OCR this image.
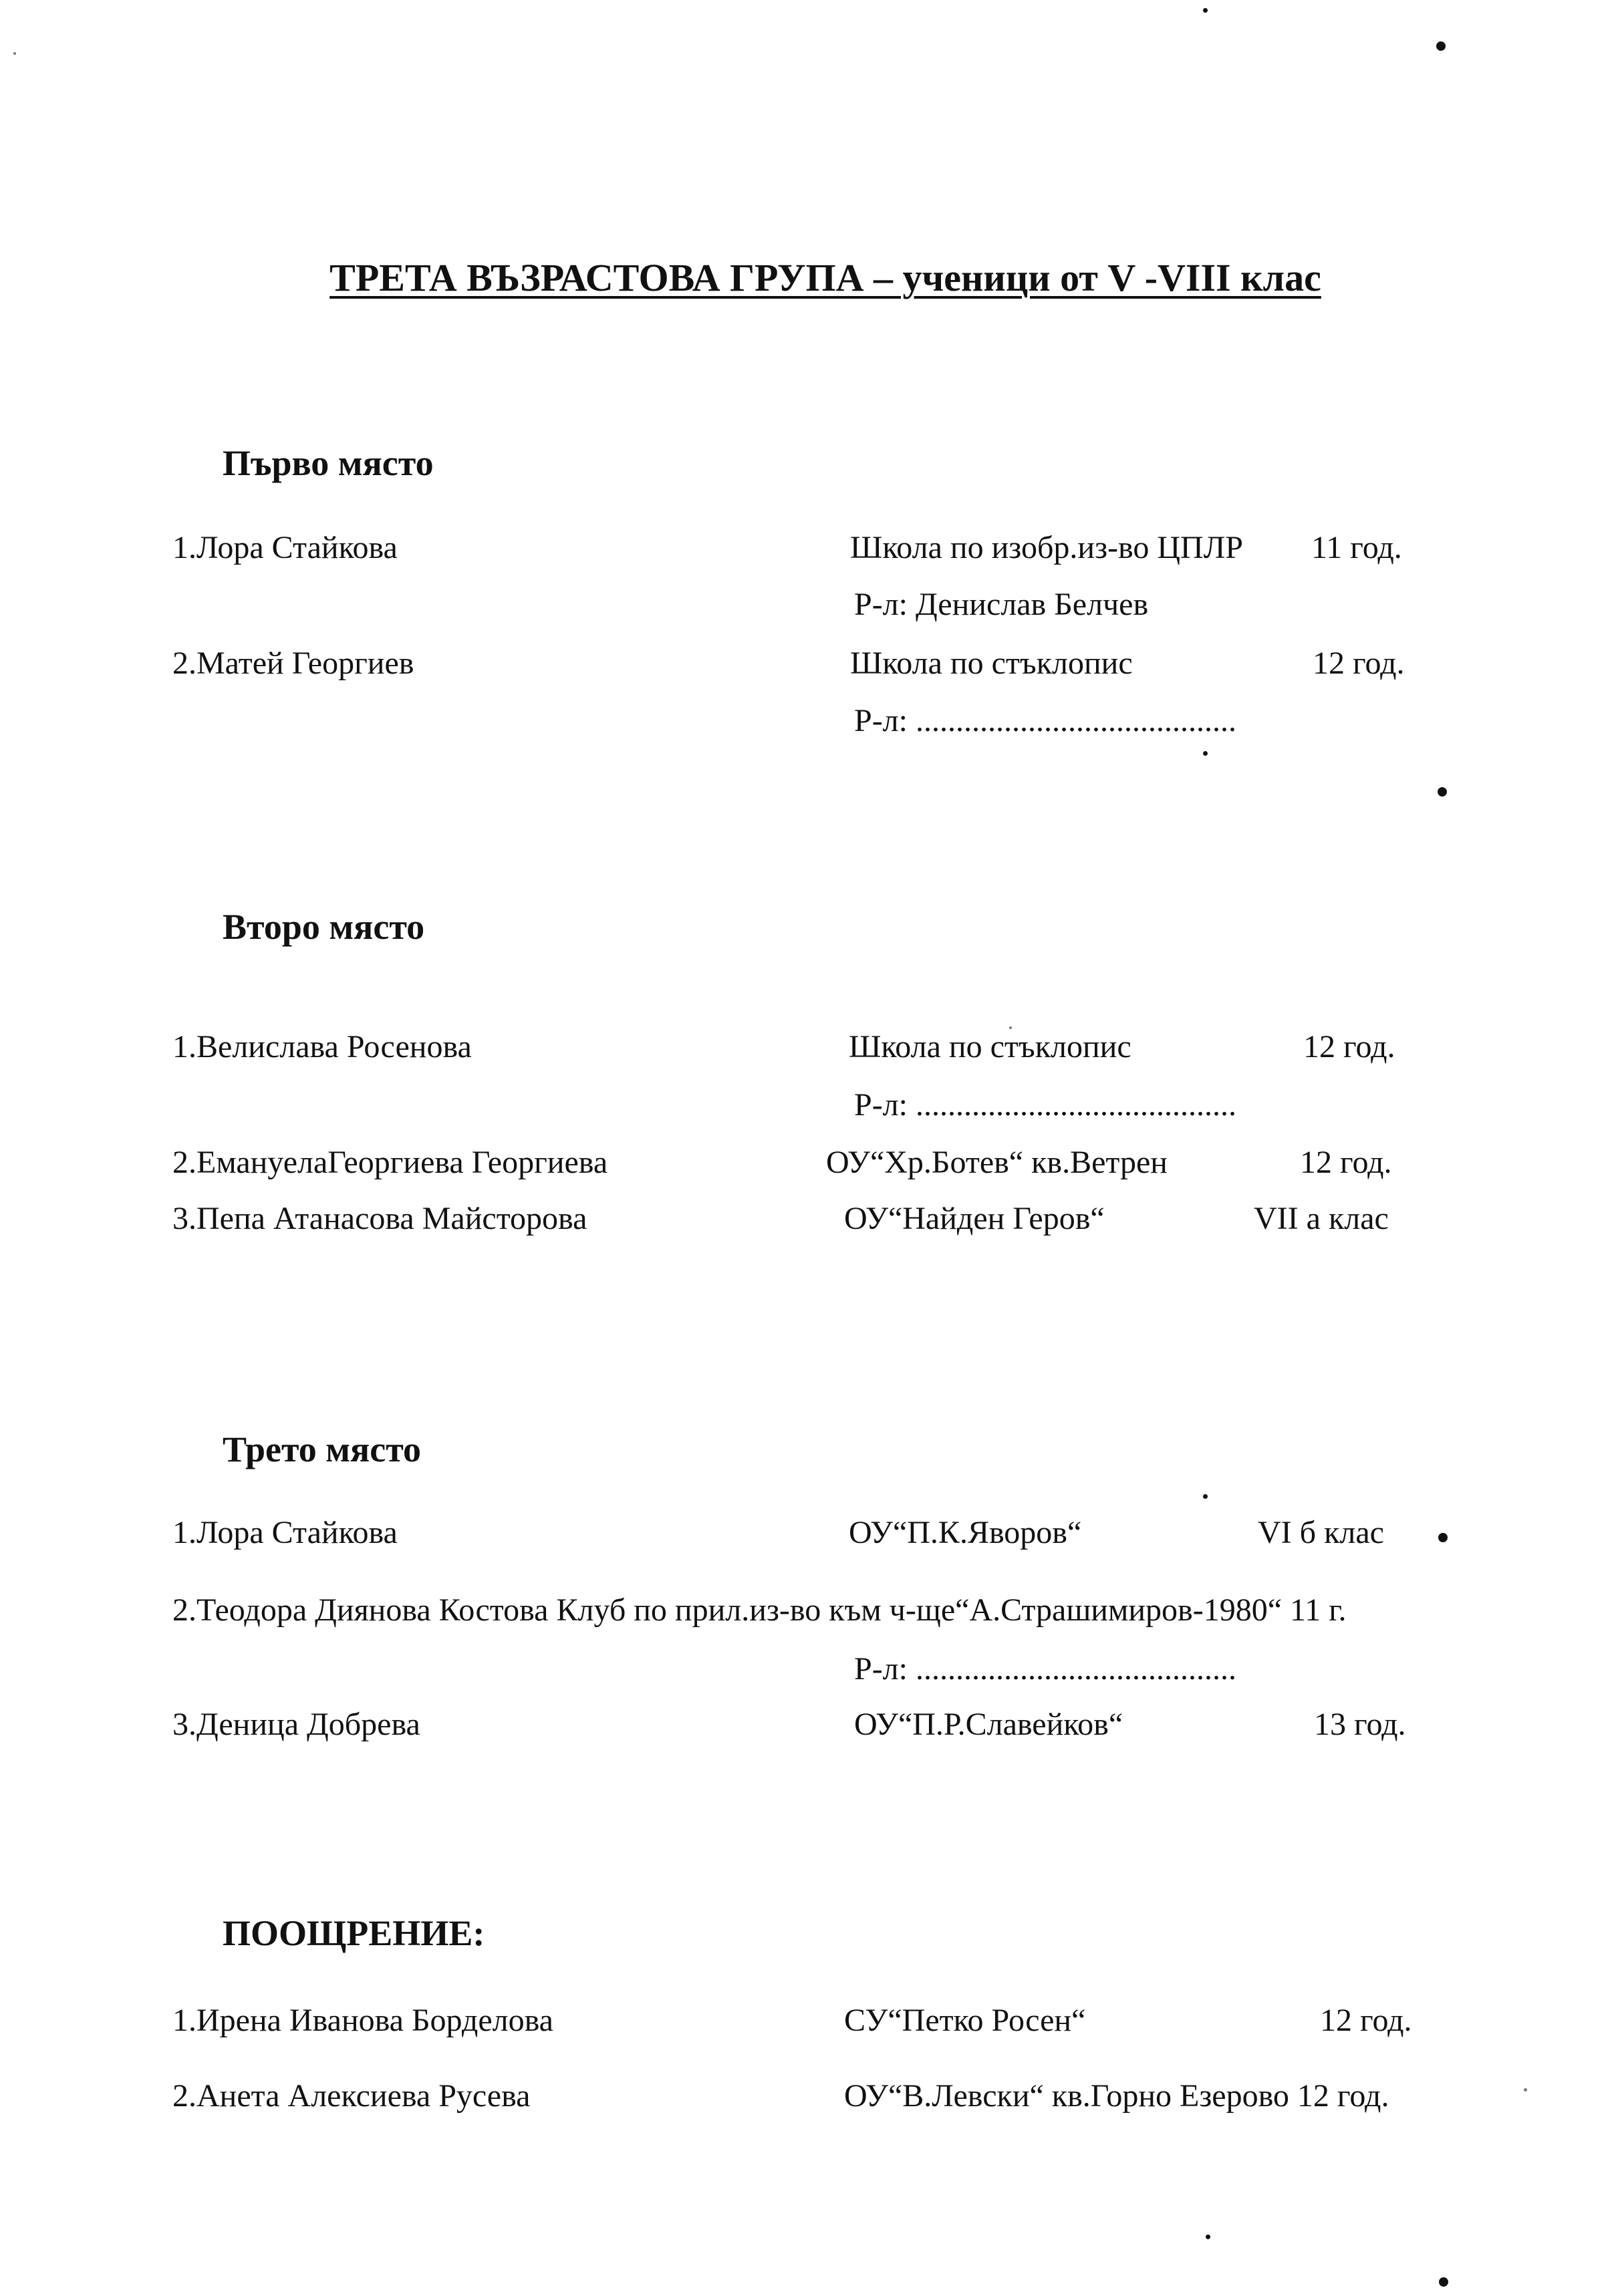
ТРЕТА ВЪЗРАСТОВА ГРУПА – ученици от V -VIII клас
Първо място
1.Лора Стайкова	Школа по изобр.из-во ЦПЛР 11 год.
Р-л: Денислав Белчев
2.Матей Георгиев	Школа по стъклопис	12 год.
Р-л: ........................................
Второ място
1.Велислава Росенова	Школа по стъклопис	12 год.
Р-л: ........................................
2.ЕмануелаГеоргиева Георгиева	ОУ“Хр.Ботев“ кв.Ветрен	12 год.
3.Пепа Атанасова Майсторова	ОУ“Найден Геров“	VII а клас
Трето място
1.Лора Стайкова	ОУ“П.К.Яворов“	VI б клас
2.Теодора Диянова Костова Клуб по прил.из-во към ч-ще“А.Страшимиров-1980“ 11 г.
Р-л: ........................................
3.Деница Добрева	ОУ“П.Р.Славейков“	13 год.
ПООЩРЕНИЕ:
1.Ирена Иванова Борделова	СУ“Петко Росен“	12 год.
2.Анета Алексиева Русева	ОУ“В.Левски“ кв.Горно Езерово 12 год.
